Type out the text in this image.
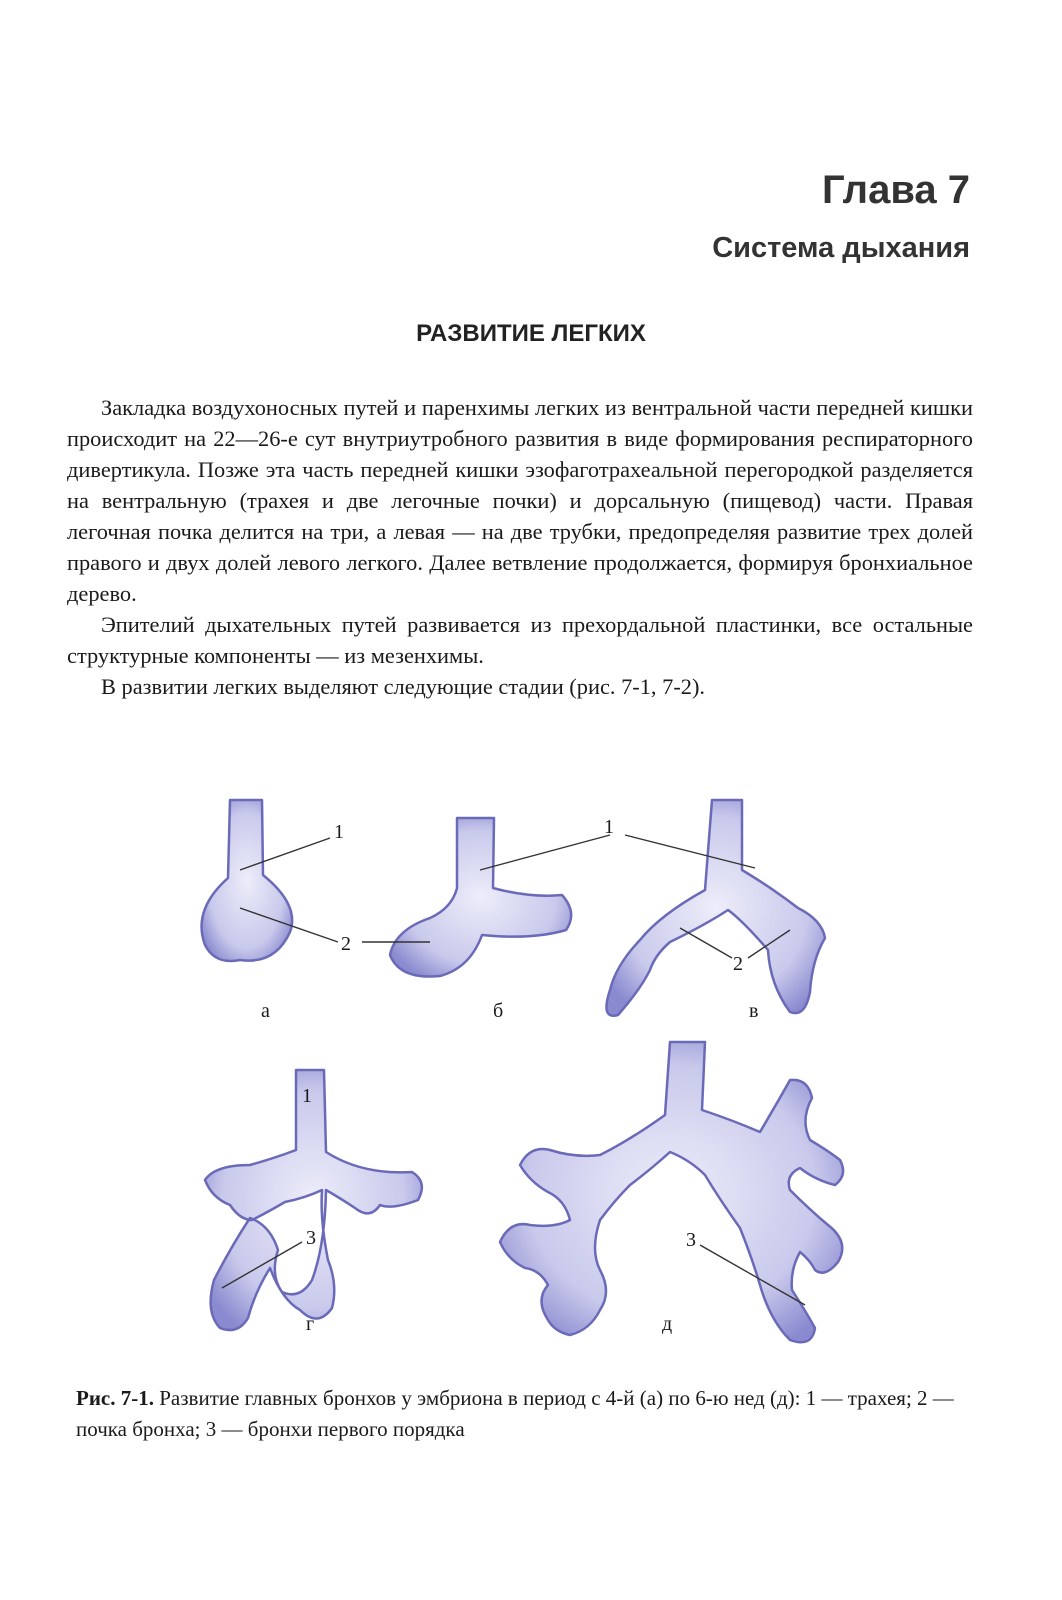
Глава 7
Система дыхания
РАЗВИТИЕ ЛЕГКИХ

Закладка воздухоносных путей и паренхимы легких из вентральной части передней кишки происходит на 22—26-е сут внутриутробного развития в виде формирования респираторного дивертикула. Позже эта часть передней кишки эзофаготрахеальной перегородкой разделяется на вентральную (трахея и две легочные почки) и дорсальную (пищевод) части. Правая легочная почка делится на три, а левая — на две трубки, предопределяя развитие трех долей правого и двух долей левого легкого. Далее ветвление продолжается, формируя бронхиальное дерево.

Эпителий дыхательных путей развивается из прехордальной пластинки, все остальные структурные компоненты — из мезенхимы.

В развитии легких выделяют следующие стадии (рис. 7-1, 7-2).

1
2
1
2
1
3	3
а	б	в
г	д
Рис. 7-1. Развитие главных бронхов у эмбриона в период с 4-й (а) по 6-ю нед (д): 1 — трахея; 2 — почка бронха; 3 — бронхи первого порядка
